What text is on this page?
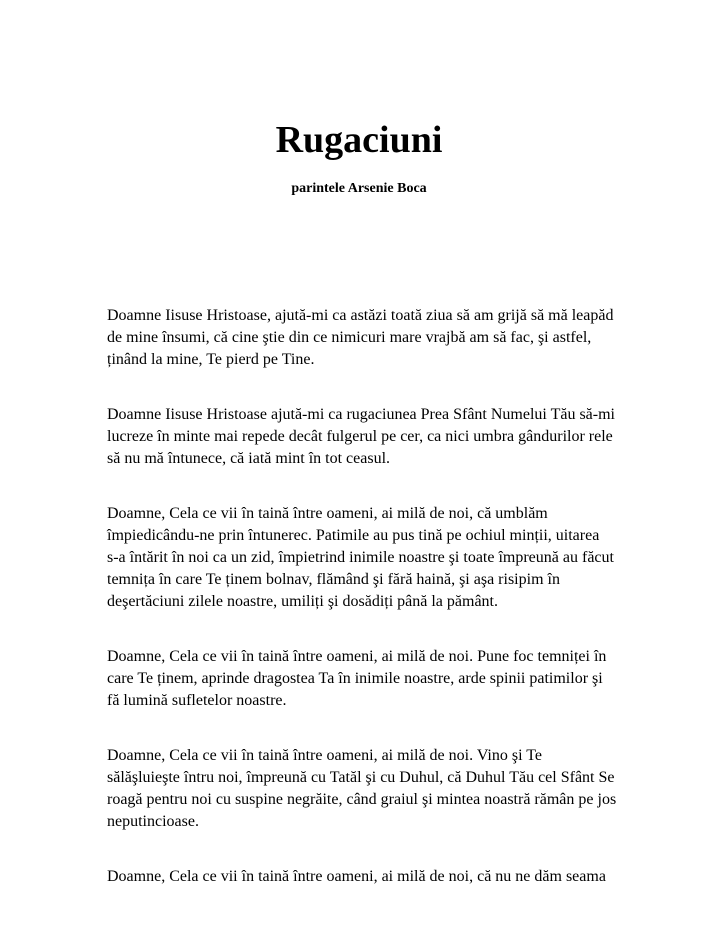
Rugaciuni

parintele Arsenie Boca

Doamne Iisuse Hristoase, ajută-mi ca astăzi toată ziua să am grijă să mă leapăd
de mine însumi, că cine ştie din ce nimicuri mare vrajbă am să fac, şi astfel,
ținând la mine, Te pierd pe Tine.

Doamne Iisuse Hristoase ajută-mi ca rugaciunea Prea Sfânt Numelui Tău să-mi
lucreze în minte mai repede decât fulgerul pe cer, ca nici umbra gândurilor rele
să nu mă întunece, că iată mint în tot ceasul.

Doamne, Cela ce vii în taină între oameni, ai milă de noi, că umblăm
împiedicându-ne prin întunerec. Patimile au pus tină pe ochiul minții, uitarea
s-a întărit în noi ca un zid, împietrind inimile noastre şi toate împreună au făcut
temnița în care Te ținem bolnav, flămând şi fără haină, şi aşa risipim în
deşertăciuni zilele noastre, umiliți şi dosădiți până la pământ.

Doamne, Cela ce vii în taină între oameni, ai milă de noi. Pune foc temniței în
care Te ținem, aprinde dragostea Ta în inimile noastre, arde spinii patimilor şi
fă lumină sufletelor noastre.

Doamne, Cela ce vii în taină între oameni, ai milă de noi. Vino şi Te
sălăşluieşte întru noi, împreună cu Tatăl şi cu Duhul, că Duhul Tău cel Sfânt Se
roagă pentru noi cu suspine negrăite, când graiul şi mintea noastră rămân pe jos
neputincioase.

Doamne, Cela ce vii în taină între oameni, ai milă de noi, că nu ne dăm seama
